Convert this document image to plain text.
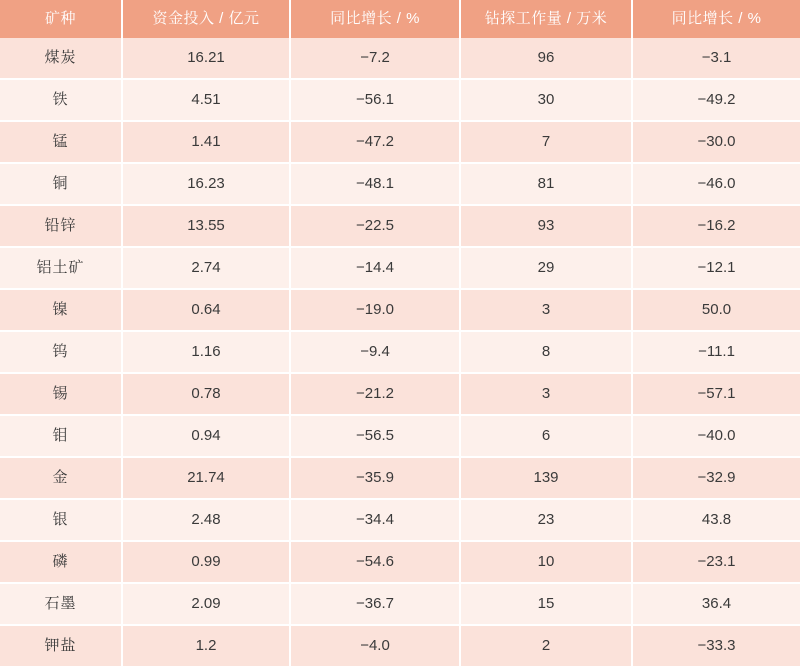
矿种	资金投入 / 亿元	同比增长 / %	钻探工作量 / 万米	同比增长 / %
煤炭	16.21	−7.2	96	−3.1
铁	4.51	−56.1	30	−49.2
锰	1.41	−47.2	7	−30.0
铜	16.23	−48.1	81	−46.0
铅锌	13.55	−22.5	93	−16.2
铝土矿	2.74	−14.4	29	−12.1
镍	0.64	−19.0	3	50.0
钨	1.16	−9.4	8	−11.1
锡	0.78	−21.2	3	−57.1
钼	0.94	−56.5	6	−40.0
金	21.74	−35.9	139	−32.9
银	2.48	−34.4	23	43.8
磷	0.99	−54.6	10	−23.1
石墨	2.09	−36.7	15	36.4
钾盐	1.2	−4.0	2	−33.3
